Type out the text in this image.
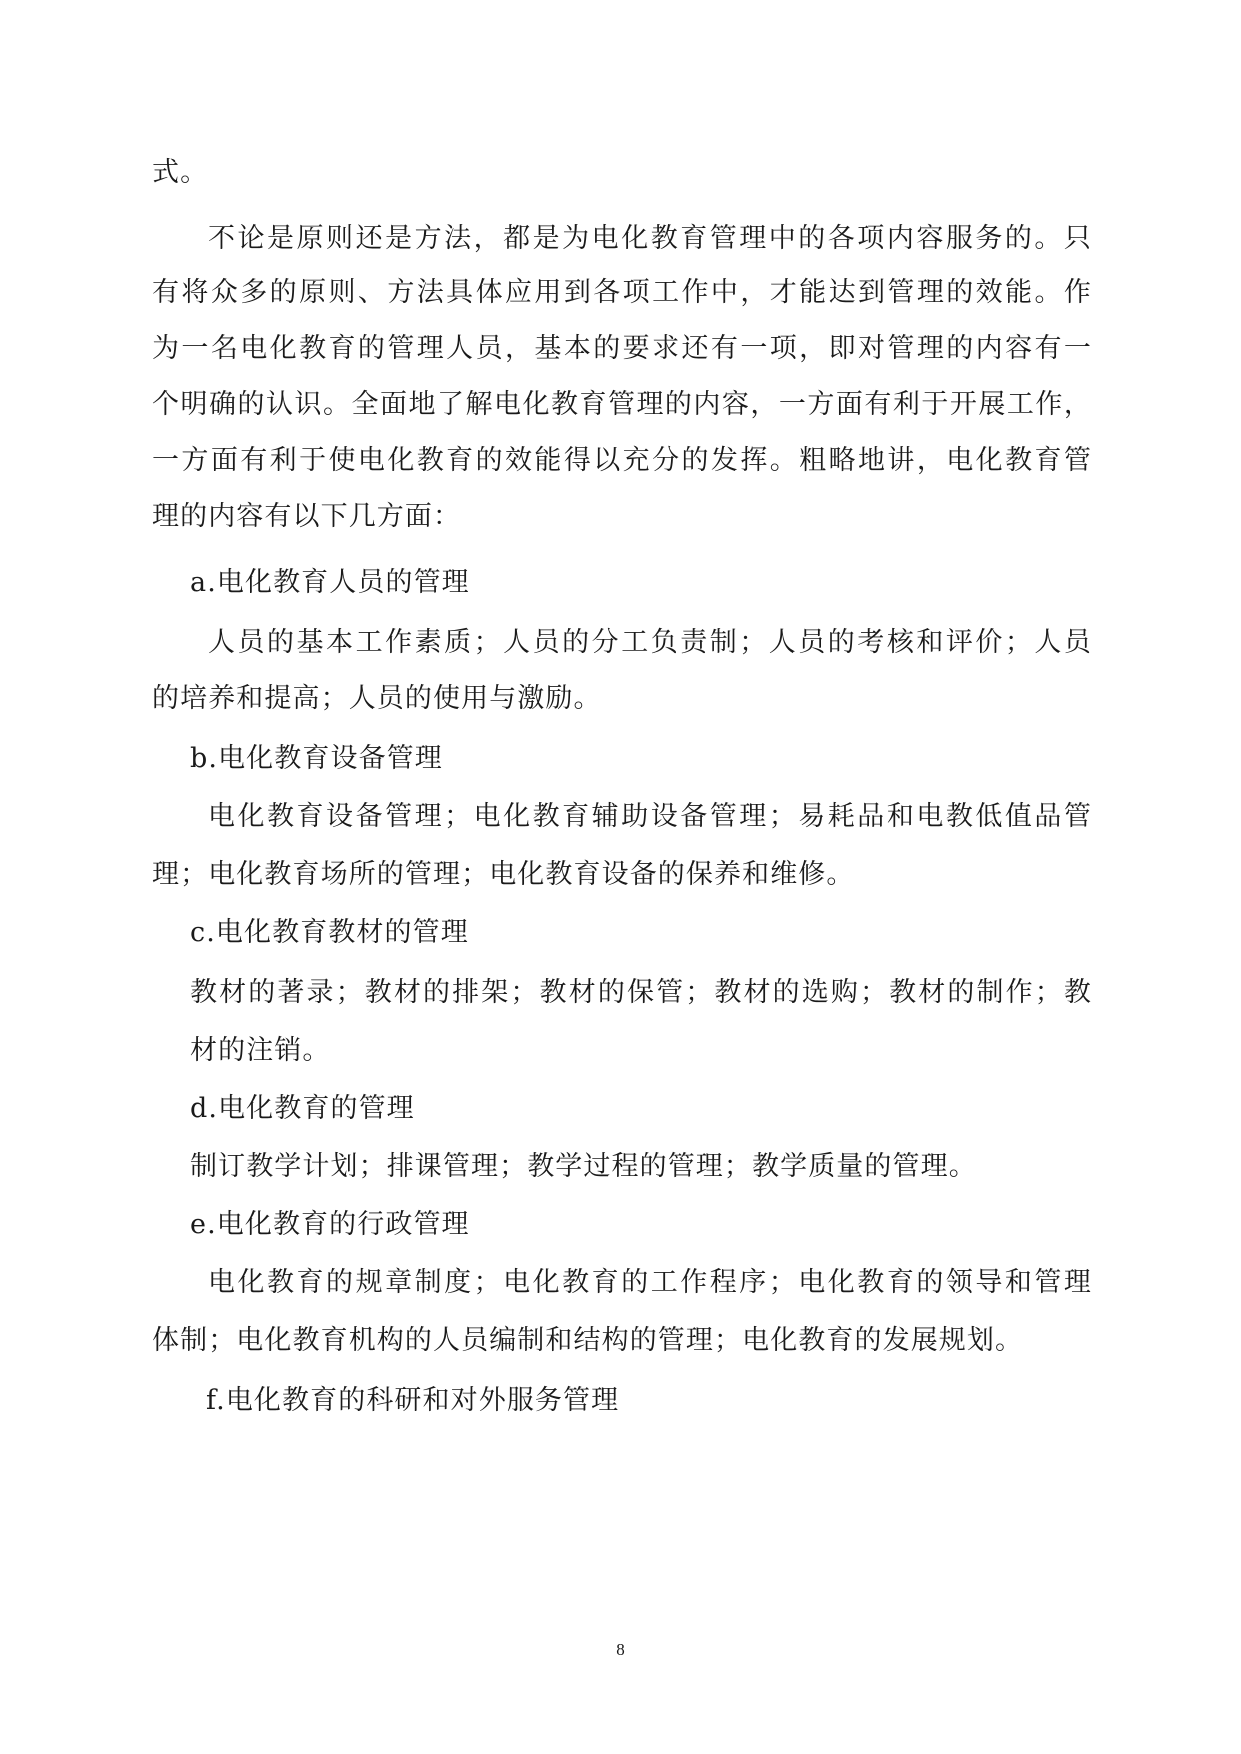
式。
不论是原则还是方法，都是为电化教育管理中的各项内容服务的。只
有将众多的原则、方法具体应用到各项工作中，才能达到管理的效能。作
为一名电化教育的管理人员，基本的要求还有一项，即对管理的内容有一
个明确的认识。全面地了解电化教育管理的内容，一方面有利于开展工作，
一方面有利于使电化教育的效能得以充分的发挥。粗略地讲，电化教育管
理的内容有以下几方面：
a.电化教育人员的管理
人员的基本工作素质；人员的分工负责制；人员的考核和评价；人员
的培养和提高；人员的使用与激励。
b.电化教育设备管理
电化教育设备管理；电化教育辅助设备管理；易耗品和电教低值品管
理；电化教育场所的管理；电化教育设备的保养和维修。
c.电化教育教材的管理
教材的著录；教材的排架；教材的保管；教材的选购；教材的制作；教
材的注销。
d.电化教育的管理
制订教学计划；排课管理；教学过程的管理；教学质量的管理。
e.电化教育的行政管理
电化教育的规章制度；电化教育的工作程序；电化教育的领导和管理
体制；电化教育机构的人员编制和结构的管理；电化教育的发展规划。
f.电化教育的科研和对外服务管理
8
